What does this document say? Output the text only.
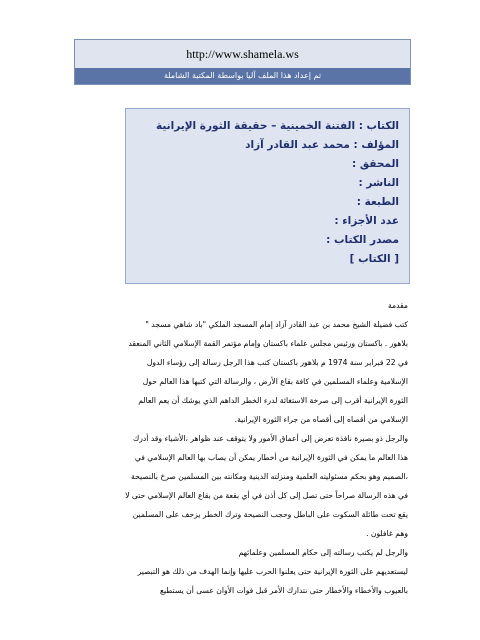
http://www.shamela.ws
تم إعداد هذا الملف آليا بواسطة المكتبة الشاملة
الكتاب : الفتنة الخمينية – حقيقة الثورة الإيرانية
المؤلف : محمد عبد القادر آزاد
المحقق :
الناشر :
الطبعة :
عدد الأجزاء :
مصدر الكتاب :
[ الكتاب ]

مقدمة

كتب فضيلة الشيخ محمد بن عبد القادر آزاد إمام المسجد الملكي "باد شاهي مسجد "

بلاهور . باكستان ورئيس مجلس علماء باكستان وإمام مؤتمر القمة الإسلامي الثاني المنعقد

في 22 فبراير سنة 1974 م بلاهور باكستان كتب هذا الرجل رسالة إلى رؤساء الدول

الإسلامية وعلماء المسلمين في كافة بقاع الأرض ، والرسالة التي كتبها هذا العالم حول

الثورة الإيرانية أقرب إلى صرخة الاستغاثة لدرء الخطر الداهم الذي يوشك أن يعم العالم

الإسلامي من أقصاه إلى أقصاه من جراء الثورة الإيرانية.

والرجل ذو بصيرة نافذة تعرض إلى أعماق الأمور ولا يتوقف عند ظواهر ،الأشياء وقد أدرك

هذا العالم ما يمكن في الثورة الإيرانية من أخطار يمكن أن يصاب بها العالم الإسلامي في

،الصميم وهو بحكم مسئوليته العلمية ومنزلته الدينية ومكانته بين المسلمين صرخ بالنصيحة

في هذه الرسالة صراحاً حتى تصل إلى كل أذن في أي بقعة من بقاع العالم الإسلامي حتى لا

يقع تحت طائلة السكوت على الباطل وحجب النصيحة وترك الخطر يزحف على المسلمين

وهم غافلون .

والرجل لم يكتب رسالته إلى حكام المسلمين وعلمائهم

ليستعديهم على الثورة الإيرانية حتى يعلنوا الحرب عليها وإنما الهدف من ذلك هو التبصير

بالعيوب والأخطاء والأخطار حتى نتدارك الأمر قبل فوات الأوان عسى أن يستطيع
